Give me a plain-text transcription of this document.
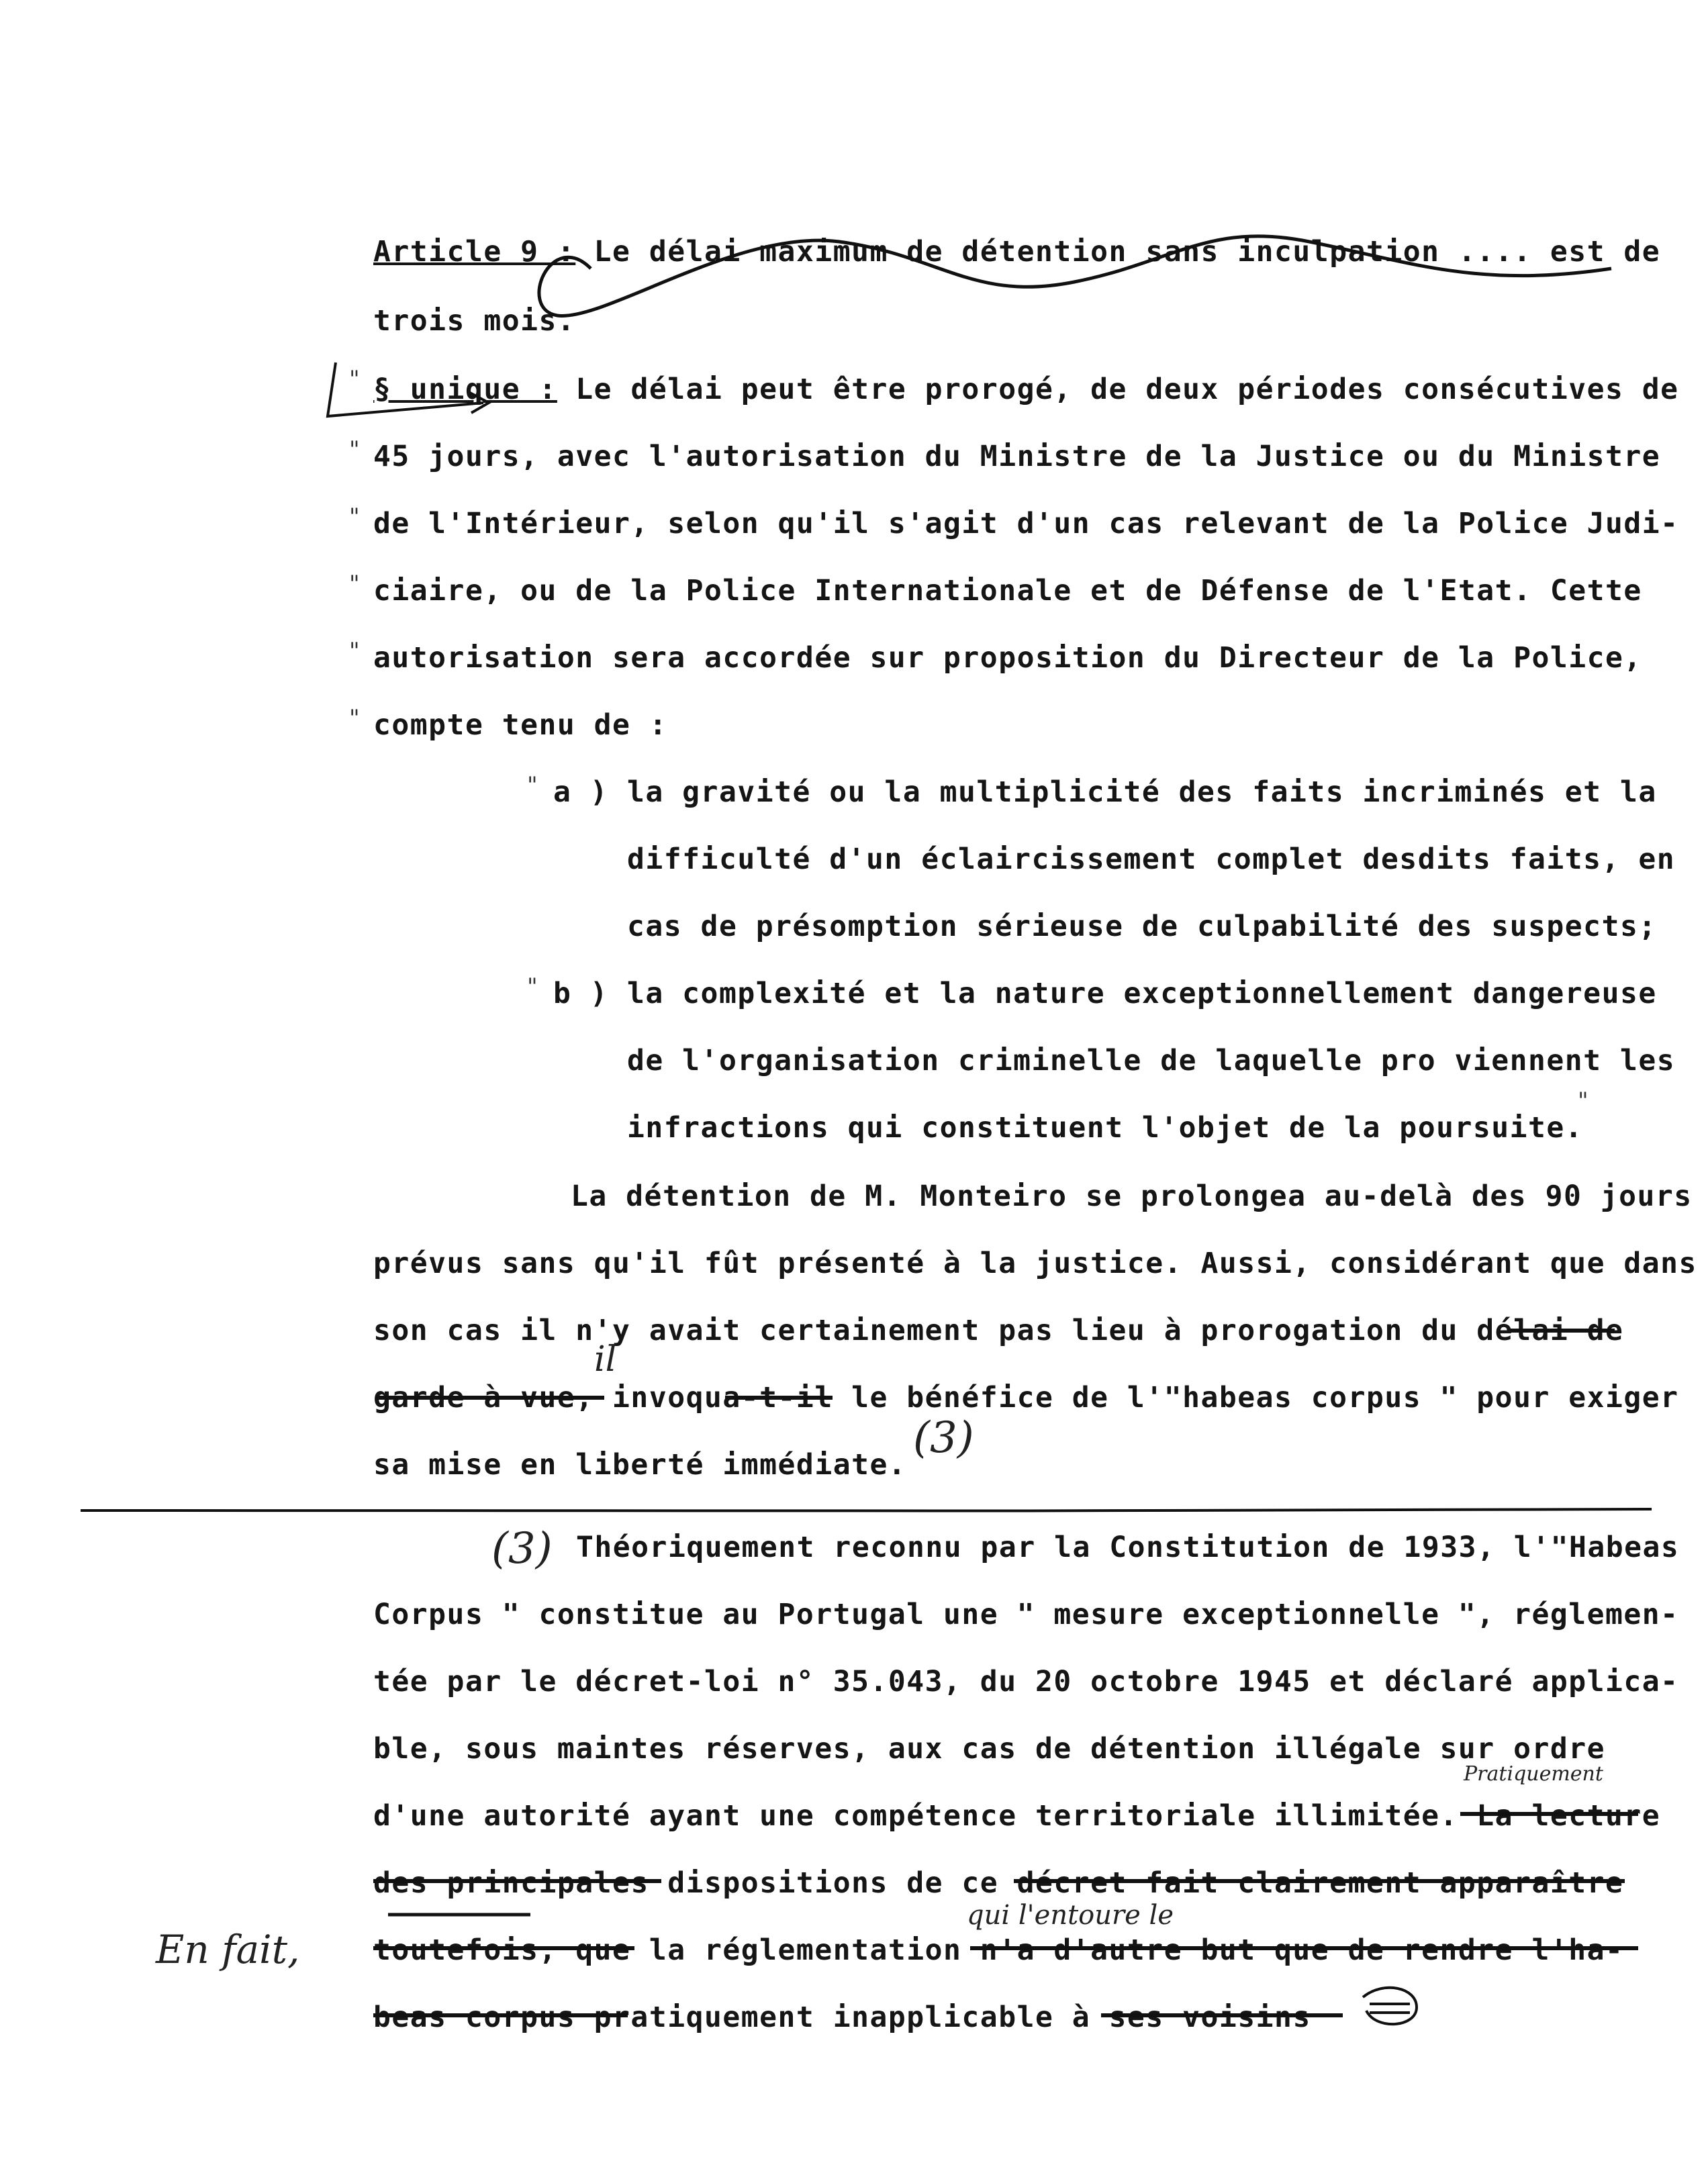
Article 9 : Le délai maximum de détention sans inculpation .... est de
trois mois.
§ unique : Le délai peut être prorogé, de deux périodes consécutives de
45 jours, avec l'autorisation du Ministre de la Justice ou du Ministre
de l'Intérieur, selon qu'il s'agit d'un cas relevant de la Police Judi-
ciaire, ou de la Police Internationale et de Défense de l'Etat. Cette
autorisation sera accordée sur proposition du Directeur de la Police,
compte tenu de :
a ) la gravité ou la multiplicité des faits incriminés et la
difficulté d'un éclaircissement complet desdits faits, en
cas de présomption sérieuse de culpabilité des suspects;
b ) la complexité et la nature exceptionnellement dangereuse
de l'organisation criminelle de laquelle pro viennent les
infractions qui constituent l'objet de la poursuite.
La détention de M. Monteiro se prolongea au-delà des 90 jours
prévus sans qu'il fût présenté à la justice. Aussi, considérant que dans
son cas il n'y avait certainement pas lieu à prorogation du délai de
garde à vue, invoqua-t-il le bénéfice de l'"habeas corpus " pour exiger
sa mise en liberté immédiate.
(3)
il
(3) Théoriquement reconnu par la Constitution de 1933, l'"Habeas
Corpus " constitue au Portugal une " mesure exceptionnelle ", réglemen-
tée par le décret-loi n° 35.043, du 20 octobre 1945 et déclaré applica-
ble, sous maintes réserves, aux cas de détention illégale sur ordre
d'une autorité ayant une compétence territoriale illimitée. La lecture
des principales dispositions de ce décret fait clairement apparaître
toutefois, que la réglementation n'a d'autre but que de rendre l'ha-
beas corpus pratiquement inapplicable à ses voisins
En fait,
qui l'entoure le
Pratiquement
"
"
"
"
"
"
"
"
"
